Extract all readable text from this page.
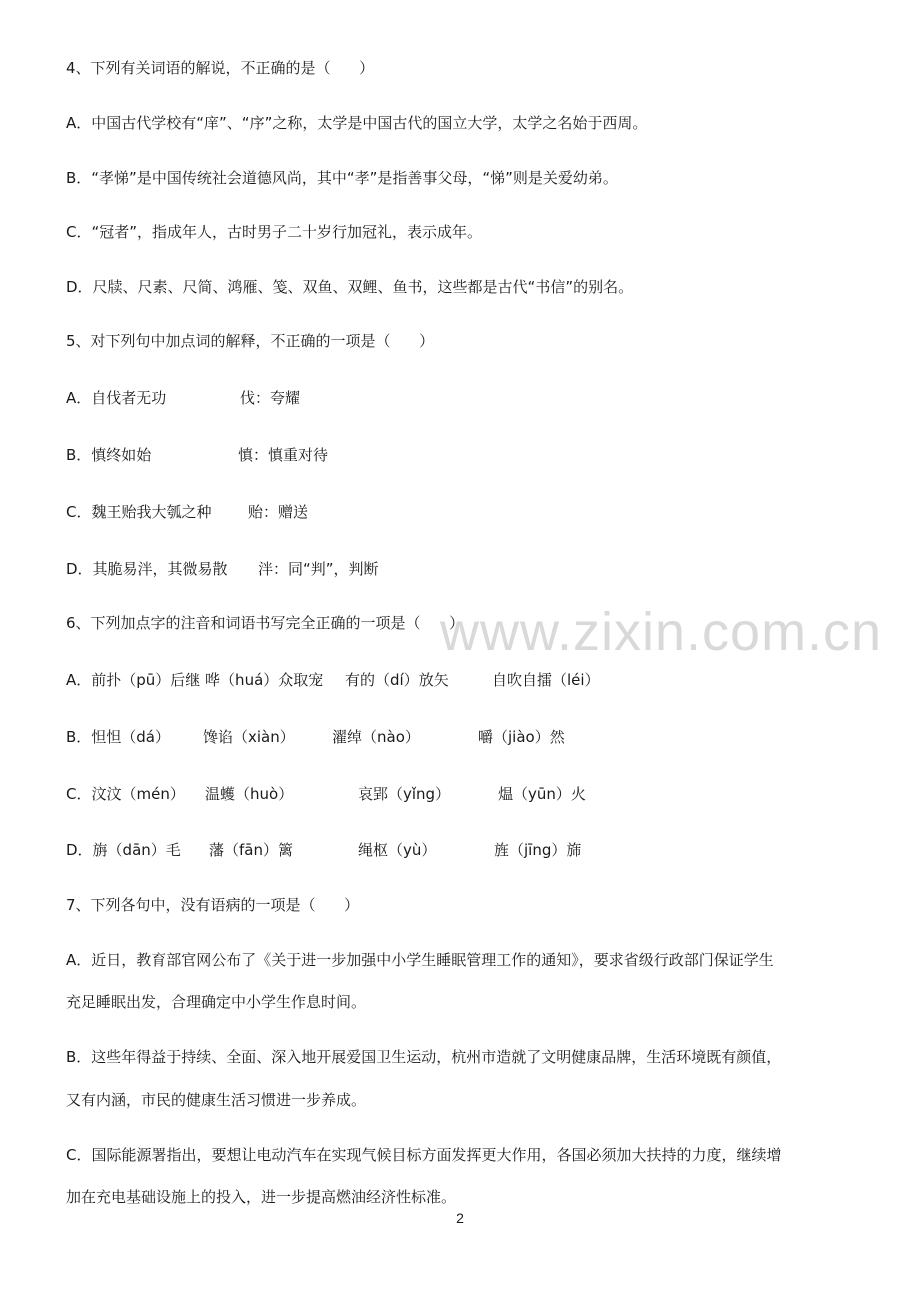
www.zixin.com.cn
4、下列有关词语的解说，不正确的是（      ）
A．中国古代学校有“庠”、“序”之称，太学是中国古代的国立大学，太学之名始于西周。
B．“孝悌”是中国传统社会道德风尚，其中“孝”是指善事父母，“悌”则是关爱幼弟。
C．“冠者”，指成年人，古时男子二十岁行加冠礼，表示成年。
D．尺牍、尺素、尺简、鸿雁、笺、双鱼、双鲤、鱼书，这些都是古代“书信”的别名。
5、对下列句中加点词的解释，不正确的一项是（      ）
A．自伐者无功	伐：夸耀
B．慎终如始	慎：慎重对待
C．魏王贻我大瓠之种 贻：赠送
D．其脆易泮，其微易散 泮：同“判”，判断
6、下列加点字的注音和词语书写完全正确的一项是（      ）
A．前扑（pū）后继 哗（huá）众取宠 有的（dí）放矢	自吹自擂（léi）
B．怛怛（dá） 馋谄（xiàn） 濯绰（nào）	嚼（jiào）然
C．汶汶（mén） 温蠖（huò）	哀郢（yǐng）	煴（yūn）火
D．旃（dān）毛 藩（fān）篱	绳枢（yù）	旌（jīng）旆
7、下列各句中，没有语病的一项是（      ）
A．近日，教育部官网公布了《关于进一步加强中小学生睡眠管理工作的通知》，要求省级行政部门保证学生
充足睡眠出发，合理确定中小学生作息时间。
B．这些年得益于持续、全面、深入地开展爱国卫生运动，杭州市造就了文明健康品牌，生活环境既有颜值，
又有内涵，市民的健康生活习惯进一步养成。
C．国际能源署指出，要想让电动汽车在实现气候目标方面发挥更大作用，各国必须加大扶持的力度，继续增
加在充电基础设施上的投入，进一步提高燃油经济性标准。
2
